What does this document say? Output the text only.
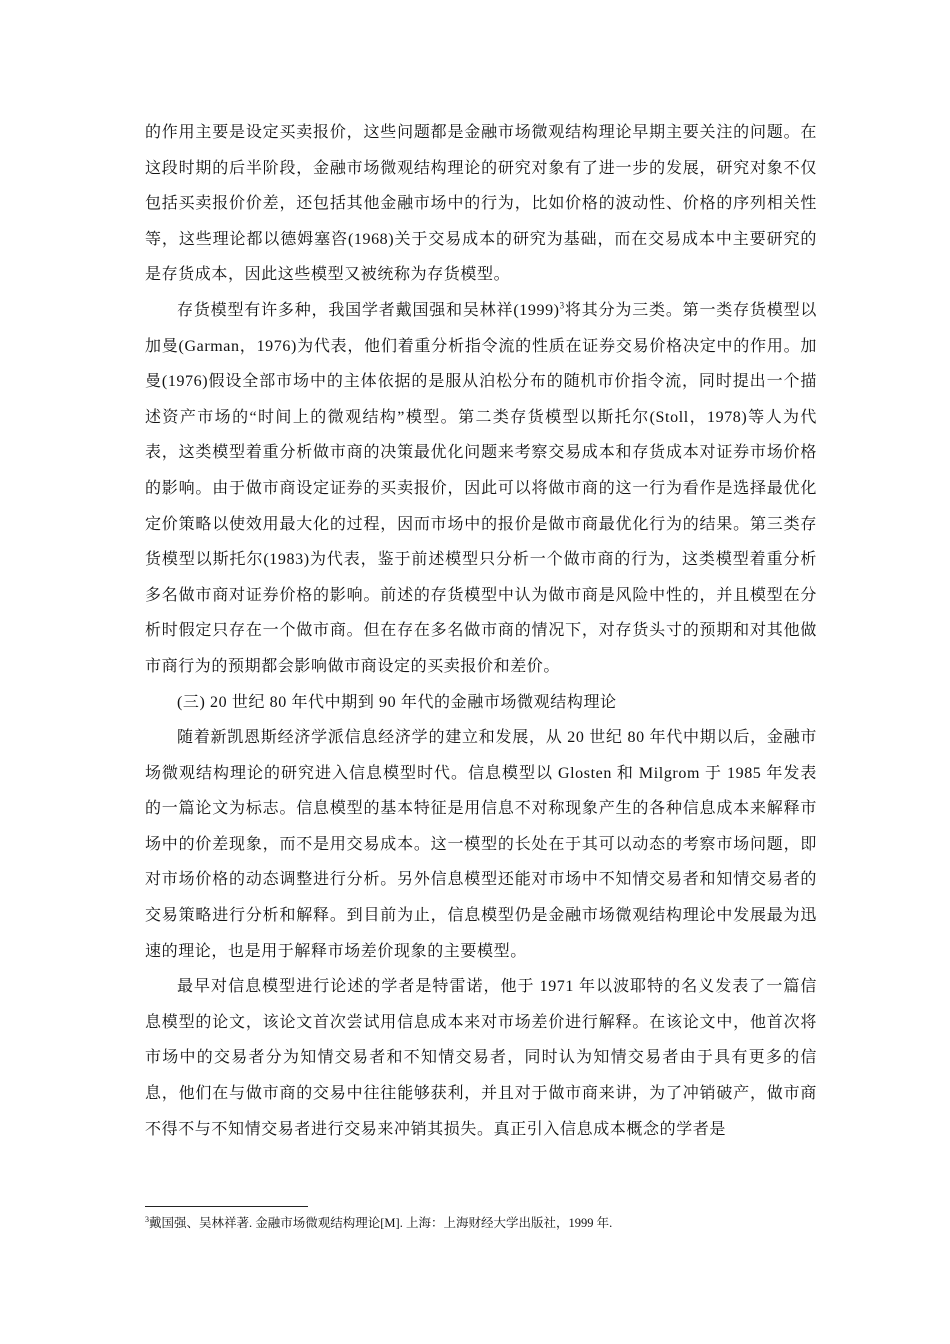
的作用主要是设定买卖报价，这些问题都是金融市场微观结构理论早期主要关注的问题。在这段时期的后半阶段，金融市场微观结构理论的研究对象有了进一步的发展，研究对象不仅包括买卖报价价差，还包括其他金融市场中的行为，比如价格的波动性、价格的序列相关性等，这些理论都以德姆塞咨(1968)关于交易成本的研究为基础，而在交易成本中主要研究的是存货成本，因此这些模型又被统称为存货模型。

存货模型有许多种，我国学者戴国强和吴林祥$(1999)^3$将其分为三类。第一类存货模型以加曼(Garman，1976)为代表，他们着重分析指令流的性质在证券交易价格决定中的作用。加曼(1976)假设全部市场中的主体依据的是服从泊松分布的随机市价指令流，同时提出一个描述资产市场的“时间上的微观结构”模型。第二类存货模型以斯托尔(Stoll，1978)等人为代表，这类模型着重分析做市商的决策最优化问题来考察交易成本和存货成本对证券市场价格的影响。由于做市商设定证券的买卖报价，因此可以将做市商的这一行为看作是选择最优化定价策略以使效用最大化的过程，因而市场中的报价是做市商最优化行为的结果。第三类存货模型以斯托尔(1983)为代表，鉴于前述模型只分析一个做市商的行为，这类模型着重分析多名做市商对证券价格的影响。前述的存货模型中认为做市商是风险中性的，并且模型在分析时假定只存在一个做市商。但在存在多名做市商的情况下，对存货头寸的预期和对其他做市商行为的预期都会影响做市商设定的买卖报价和差价。

(三) 20 世纪 80 年代中期到 90 年代的金融市场微观结构理论

随着新凯恩斯经济学派信息经济学的建立和发展，从 20 世纪 80 年代中期以后，金融市场微观结构理论的研究进入信息模型时代。信息模型以 Glosten 和 Milgrom 于 1985 年发表的一篇论文为标志。信息模型的基本特征是用信息不对称现象产生的各种信息成本来解释市场中的价差现象，而不是用交易成本。这一模型的长处在于其可以动态的考察市场问题，即对市场价格的动态调整进行分析。另外信息模型还能对市场中不知情交易者和知情交易者的交易策略进行分析和解释。到目前为止，信息模型仍是金融市场微观结构理论中发展最为迅速的理论，也是用于解释市场差价现象的主要模型。

最早对信息模型进行论述的学者是特雷诺，他于 1971 年以波耶特的名义发表了一篇信息模型的论文，该论文首次尝试用信息成本来对市场差价进行解释。在该论文中，他首次将市场中的交易者分为知情交易者和不知情交易者，同时认为知情交易者由于具有更多的信息，他们在与做市商的交易中往往能够获利，并且对于做市商来讲，为了冲销破产，做市商不得不与不知情交易者进行交易来冲销其损失。真正引入信息成本概念的学者是

$^3$戴国强、吴林祥著. 金融市场微观结构理论[M]. 上海：上海财经大学出版社，1999 年.
